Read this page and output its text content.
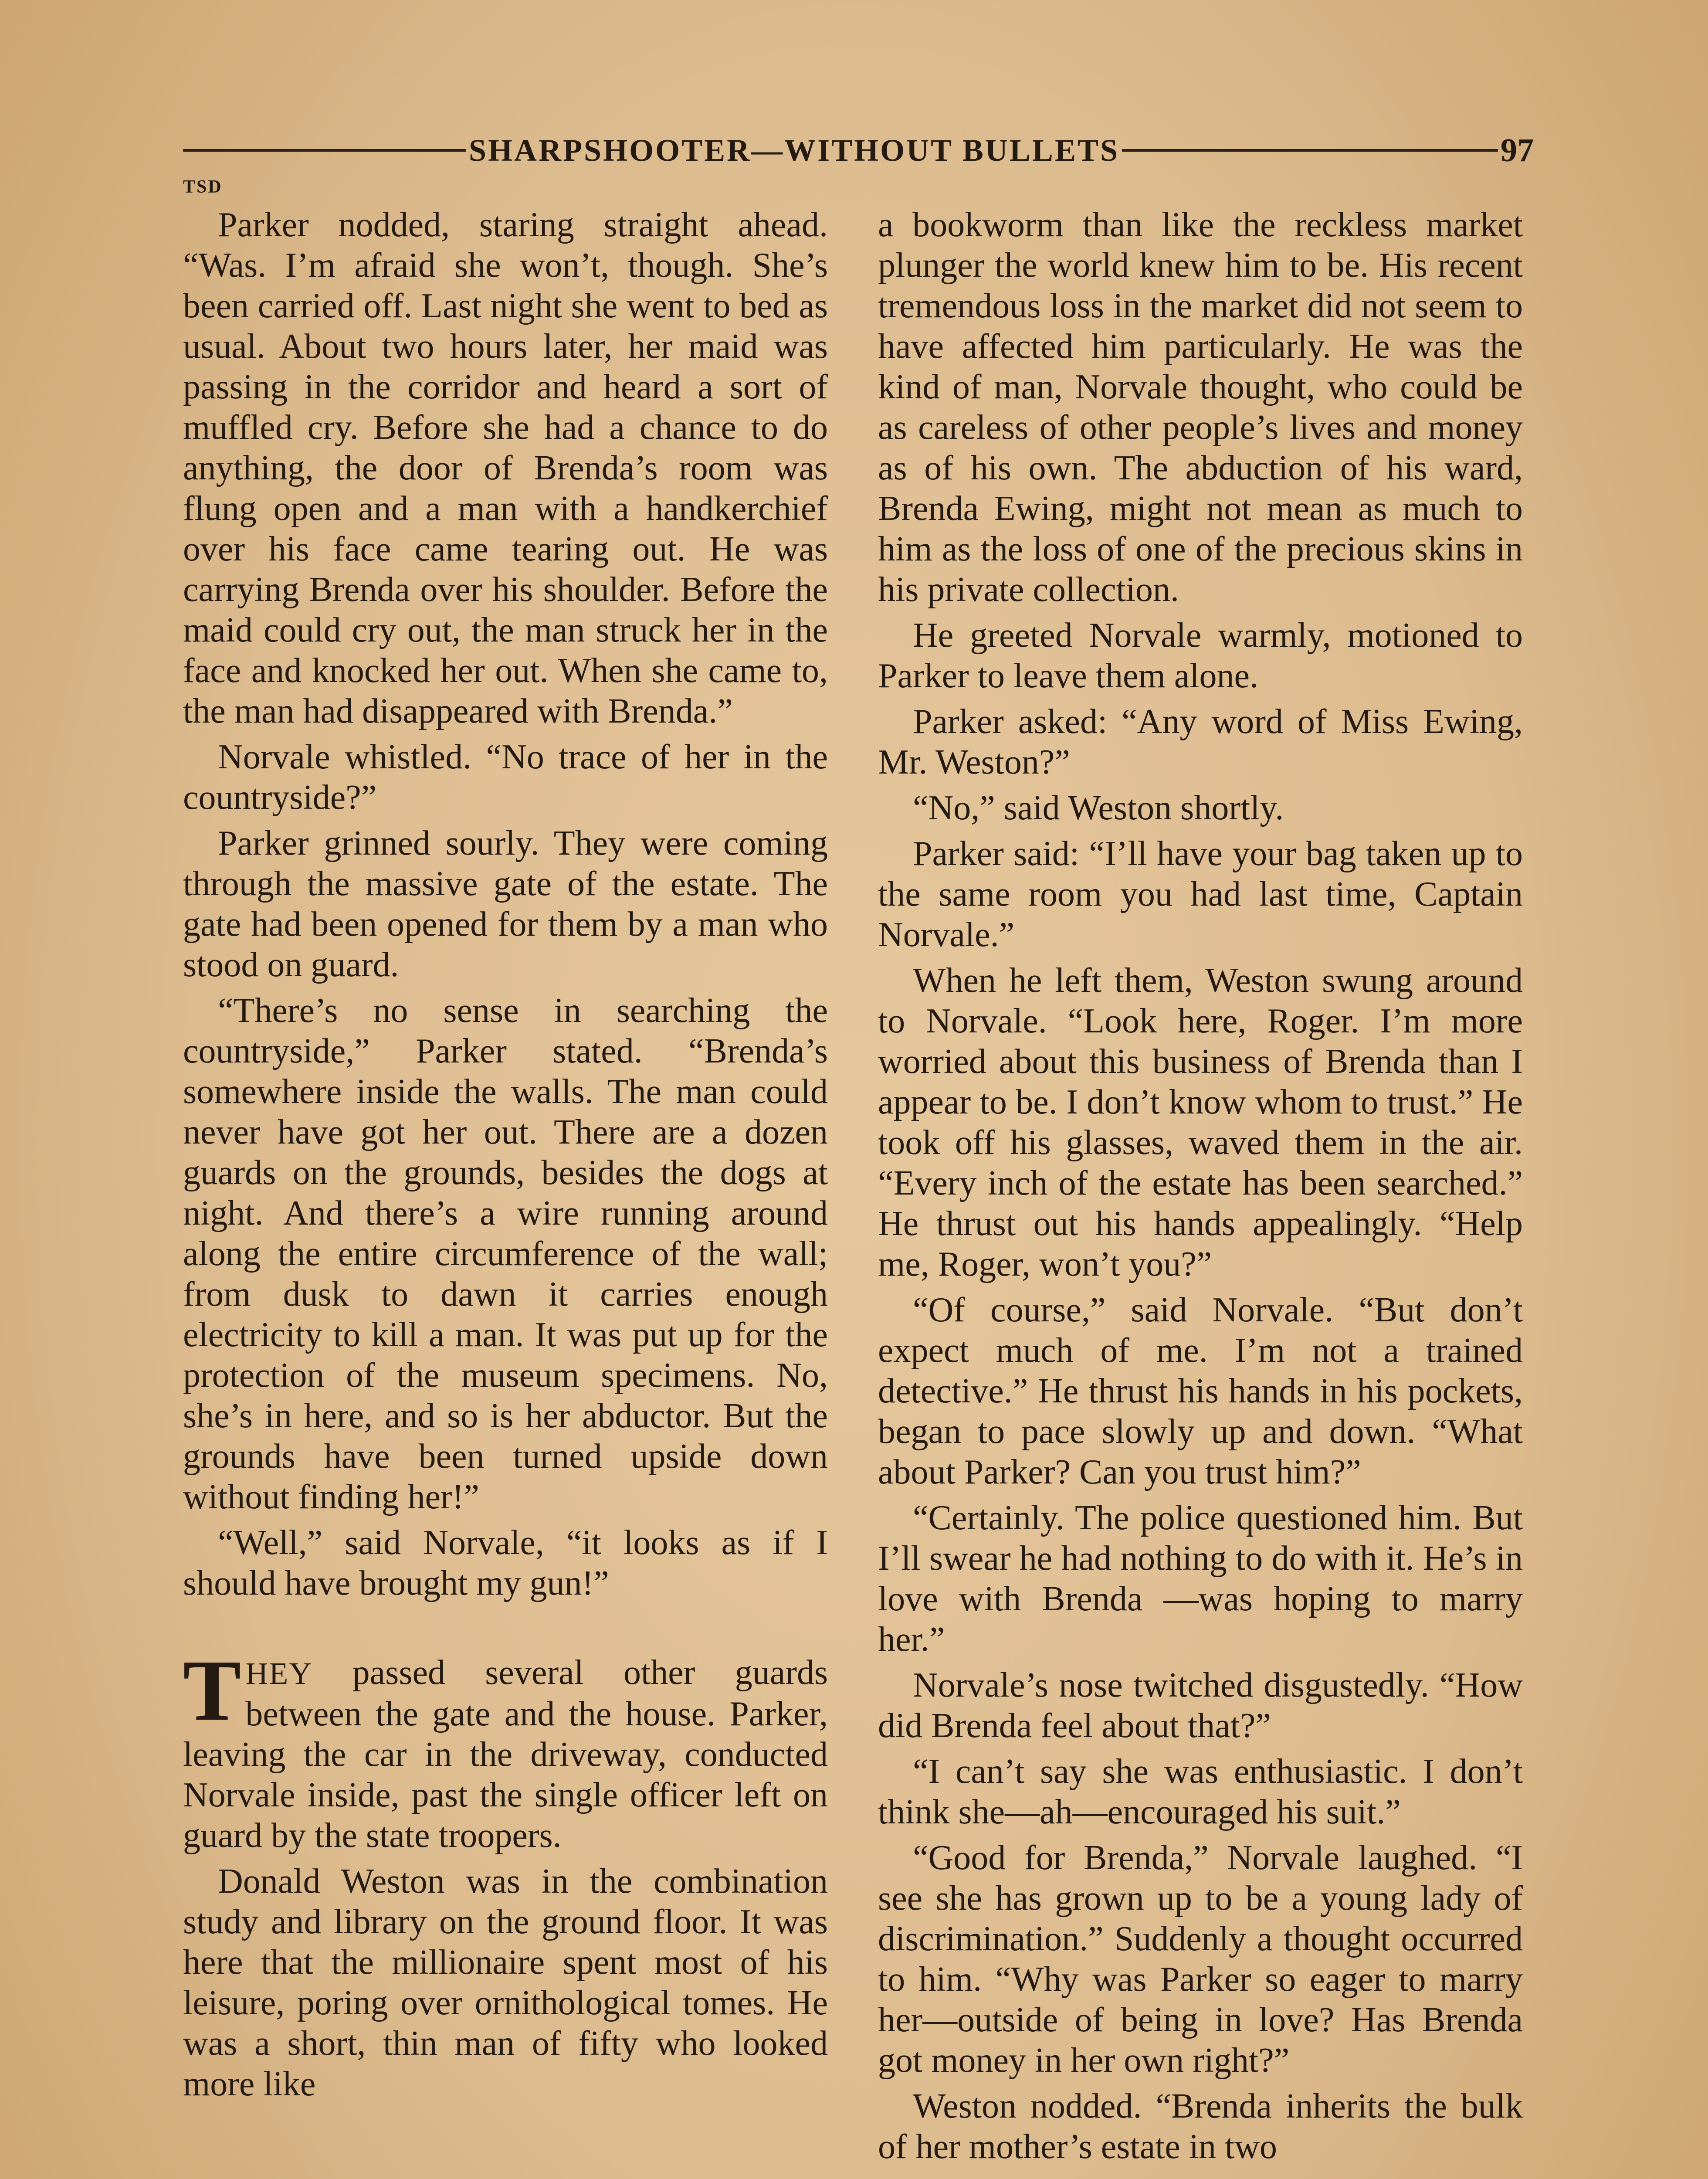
SHARPSHOOTER—WITHOUT BULLETS	97
TSD

Parker nodded, staring straight ahead. “Was. I’m afraid she won’t, though. She’s been carried off. Last night she went to bed as usual. About two hours later, her maid was passing in the corridor and heard a sort of muffled cry. Before she had a chance to do anything, the door of Brenda’s room was flung open and a man with a handkerchief over his face came tearing out. He was carrying Brenda over his shoulder. Before the maid could cry out, the man struck her in the face and knocked her out. When she came to, the man had disappeared with Brenda.”

Norvale whistled. “No trace of her in the countryside?”

Parker grinned sourly. They were coming through the massive gate of the estate. The gate had been opened for them by a man who stood on guard.

“There’s no sense in searching the countryside,” Parker stated. “Brenda’s somewhere inside the walls. The man could never have got her out. There are a dozen guards on the grounds, besides the dogs at night. And there’s a wire running around along the entire circumference of the wall; from dusk to dawn it carries enough electricity to kill a man. It was put up for the protection of the museum specimens. No, she’s in here, and so is her abductor. But the grounds have been turned upside down without finding her!”

“Well,” said Norvale, “it looks as if I should have brought my gun!”

THEY passed several other guards between the gate and the house. Parker, leaving the car in the driveway, conducted Norvale inside, past the single officer left on guard by the state troopers.

Donald Weston was in the combination study and library on the ground floor. It was here that the millionaire spent most of his leisure, poring over ornithological tomes. He was a short, thin man of fifty who looked more like

a bookworm than like the reckless market plunger the world knew him to be. His recent tremendous loss in the market did not seem to have affected him particularly. He was the kind of man, Norvale thought, who could be as careless of other people’s lives and money as of his own. The abduction of his ward, Brenda Ewing, might not mean as much to him as the loss of one of the precious skins in his private collection.

He greeted Norvale warmly, motioned to Parker to leave them alone.

Parker asked: “Any word of Miss Ewing, Mr. Weston?”

“No,” said Weston shortly.

Parker said: “I’ll have your bag taken up to the same room you had last time, Captain Norvale.”

When he left them, Weston swung around to Norvale. “Look here, Roger. I’m more worried about this business of Brenda than I appear to be. I don’t know whom to trust.” He took off his glasses, waved them in the air. “Every inch of the estate has been searched.” He thrust out his hands appealingly. “Help me, Roger, won’t you?”

“Of course,” said Norvale. “But don’t expect much of me. I’m not a trained detective.” He thrust his hands in his pockets, began to pace slowly up and down. “What about Parker? Can you trust him?”

“Certainly. The police questioned him. But I’ll swear he had nothing to do with it. He’s in love with Brenda —was hoping to marry her.”

Norvale’s nose twitched disgustedly. “How did Brenda feel about that?”

“I can’t say she was enthusiastic. I don’t think she—ah—encouraged his suit.”

“Good for Brenda,” Norvale laughed. “I see she has grown up to be a young lady of discrimination.” Suddenly a thought occurred to him. “Why was Parker so eager to marry her—outside of being in love? Has Brenda got money in her own right?”

Weston nodded. “Brenda inherits the bulk of her mother’s estate in two
